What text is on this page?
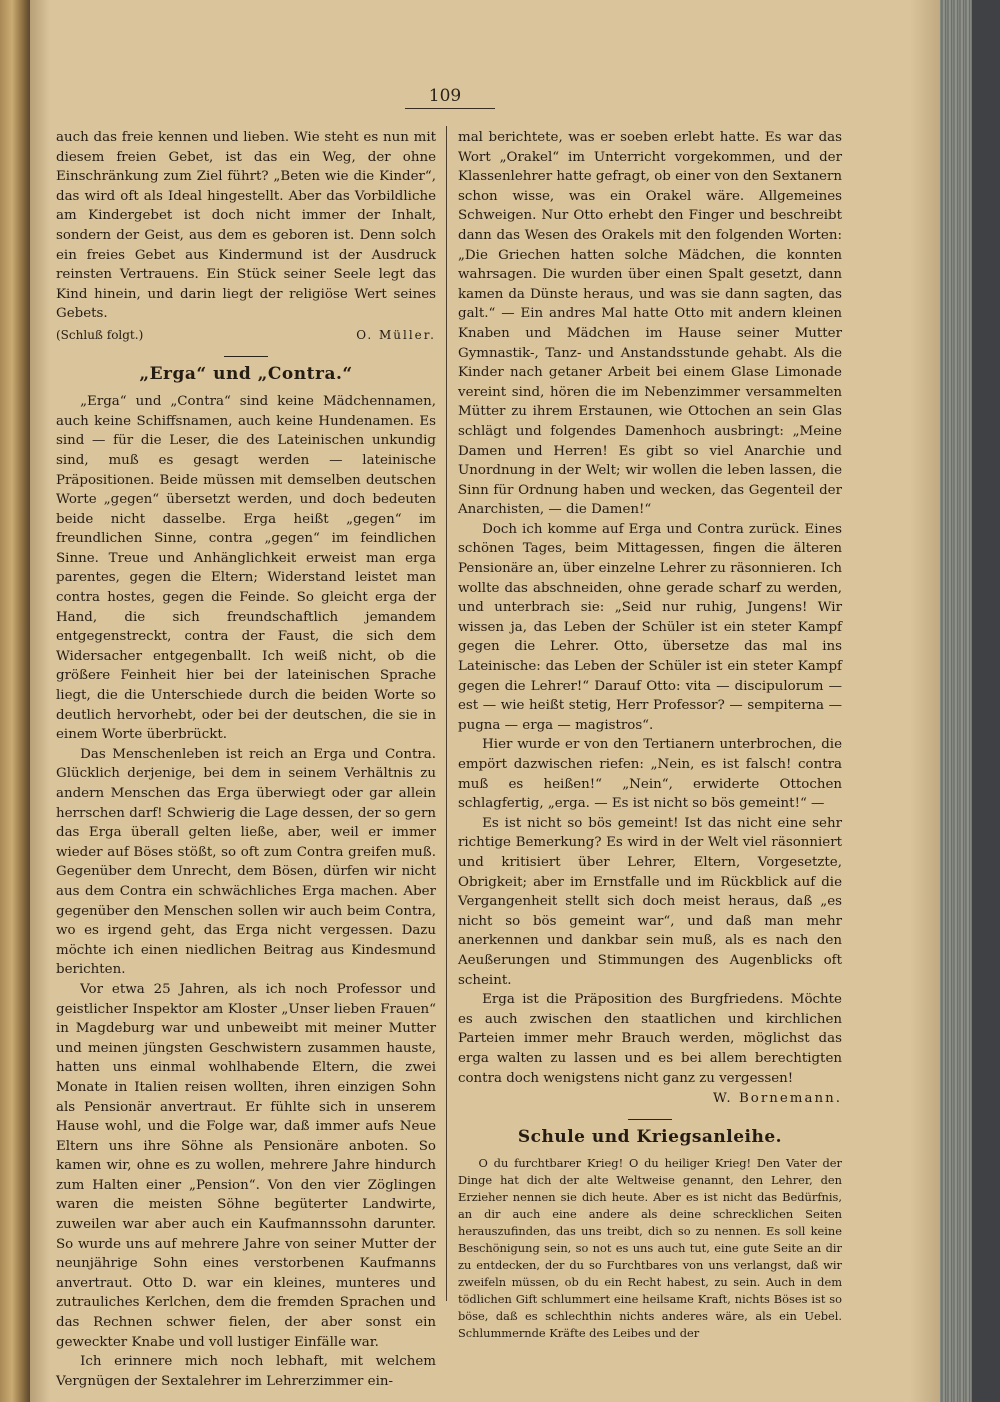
109

auch das freie kennen und lieben. Wie steht es nun mit diesem freien Gebet, ist das ein Weg, der ohne Einschränkung zum Ziel führt? „Beten wie die Kinder“, das wird oft als Ideal hingestellt. Aber das Vorbildliche am Kindergebet ist doch nicht immer der Inhalt, sondern der Geist, aus dem es geboren ist. Denn solch ein freies Gebet aus Kindermund ist der Ausdruck reinsten Vertrauens. Ein Stück seiner Seele legt das Kind hinein, und darin liegt der religiöse Wert seines Gebets.

(Schluß folgt.)	O. Müller.
„Erga“ und „Contra.“

„Erga“ und „Contra“ sind keine Mädchennamen, auch keine Schiffsnamen, auch keine Hundenamen. Es sind — für die Leser, die des Lateinischen unkundig sind, muß es gesagt werden — lateinische Präpositionen. Beide müssen mit demselben deutschen Worte „gegen“ übersetzt werden, und doch bedeuten beide nicht dasselbe. Erga heißt „gegen“ im freundlichen Sinne, contra „gegen“ im feindlichen Sinne. Treue und Anhänglichkeit erweist man erga parentes, gegen die Eltern; Widerstand leistet man contra hostes, gegen die Feinde. So gleicht erga der Hand, die sich freundschaftlich jemandem entgegenstreckt, contra der Faust, die sich dem Widersacher entgegenballt. Ich weiß nicht, ob die größere Feinheit hier bei der lateinischen Sprache liegt, die die Unterschiede durch die beiden Worte so deutlich hervorhebt, oder bei der deutschen, die sie in einem Worte überbrückt.

Das Menschenleben ist reich an Erga und Contra. Glücklich derjenige, bei dem in seinem Verhältnis zu andern Menschen das Erga überwiegt oder gar allein herrschen darf! Schwierig die Lage dessen, der so gern das Erga überall gelten ließe, aber, weil er immer wieder auf Böses stößt, so oft zum Contra greifen muß. Gegenüber dem Unrecht, dem Bösen, dürfen wir nicht aus dem Contra ein schwächliches Erga machen. Aber gegenüber den Menschen sollen wir auch beim Contra, wo es irgend geht, das Erga nicht vergessen. Dazu möchte ich einen niedlichen Beitrag aus Kindesmund berichten.

Vor etwa 25 Jahren, als ich noch Professor und geistlicher Inspektor am Kloster „Unser lieben Frauen“ in Magdeburg war und unbeweibt mit meiner Mutter und meinen jüngsten Geschwistern zusammen hauste, hatten uns einmal wohlhabende Eltern, die zwei Monate in Italien reisen wollten, ihren einzigen Sohn als Pensionär anvertraut. Er fühlte sich in unserem Hause wohl, und die Folge war, daß immer aufs Neue Eltern uns ihre Söhne als Pensionäre anboten. So kamen wir, ohne es zu wollen, mehrere Jahre hindurch zum Halten einer „Pension“. Von den vier Zöglingen waren die meisten Söhne begüterter Landwirte, zuweilen war aber auch ein Kaufmannssohn darunter. So wurde uns auf mehrere Jahre von seiner Mutter der neunjährige Sohn eines verstorbenen Kaufmanns anvertraut. Otto D. war ein kleines, munteres und zutrauliches Kerlchen, dem die fremden Sprachen und das Rechnen schwer fielen, der aber sonst ein geweckter Knabe und voll lustiger Einfälle war.

Ich erinnere mich noch lebhaft, mit welchem Vergnügen der Sextalehrer im Lehrerzimmer ein-

mal berichtete, was er soeben erlebt hatte. Es war das Wort „Orakel“ im Unterricht vorgekommen, und der Klassenlehrer hatte gefragt, ob einer von den Sextanern schon wisse, was ein Orakel wäre. Allgemeines Schweigen. Nur Otto erhebt den Finger und beschreibt dann das Wesen des Orakels mit den folgenden Worten: „Die Griechen hatten solche Mädchen, die konnten wahrsagen. Die wurden über einen Spalt gesetzt, dann kamen da Dünste heraus, und was sie dann sagten, das galt.“ — Ein andres Mal hatte Otto mit andern kleinen Knaben und Mädchen im Hause seiner Mutter Gymnastik-, Tanz- und Anstandsstunde gehabt. Als die Kinder nach getaner Arbeit bei einem Glase Limonade vereint sind, hören die im Nebenzimmer versammelten Mütter zu ihrem Erstaunen, wie Ottochen an sein Glas schlägt und folgendes Damenhoch ausbringt: „Meine Damen und Herren! Es gibt so viel Anarchie und Unordnung in der Welt; wir wollen die leben lassen, die Sinn für Ordnung haben und wecken, das Gegenteil der Anarchisten, — die Damen!“

Doch ich komme auf Erga und Contra zurück. Eines schönen Tages, beim Mittagessen, fingen die älteren Pensionäre an, über einzelne Lehrer zu räsonnieren. Ich wollte das abschneiden, ohne gerade scharf zu werden, und unterbrach sie: „Seid nur ruhig, Jungens! Wir wissen ja, das Leben der Schüler ist ein steter Kampf gegen die Lehrer. Otto, übersetze das mal ins Lateinische: das Leben der Schüler ist ein steter Kampf gegen die Lehrer!“ Darauf Otto: vita — discipulorum — est — wie heißt stetig, Herr Professor? — sempiterna — pugna — erga — magistros“.

Hier wurde er von den Tertianern unterbrochen, die empört dazwischen riefen: „Nein, es ist falsch! contra muß es heißen!“ „Nein“, erwiderte Ottochen schlagfertig, „erga. — Es ist nicht so bös gemeint!“ —

Es ist nicht so bös gemeint! Ist das nicht eine sehr richtige Bemerkung? Es wird in der Welt viel räsonniert und kritisiert über Lehrer, Eltern, Vorgesetzte, Obrigkeit; aber im Ernstfalle und im Rückblick auf die Vergangenheit stellt sich doch meist heraus, daß „es nicht so bös gemeint war“, und daß man mehr anerkennen und dankbar sein muß, als es nach den Aeußerungen und Stimmungen des Augenblicks oft scheint.

Erga ist die Präposition des Burgfriedens. Möchte es auch zwischen den staatlichen und kirchlichen Parteien immer mehr Brauch werden, möglichst das erga walten zu lassen und es bei allem berechtigten contra doch wenigstens nicht ganz zu vergessen!

W. Bornemann.
Schule und Kriegsanleihe.

O du furchtbarer Krieg! O du heiliger Krieg! Den Vater der Dinge hat dich der alte Weltweise genannt, den Lehrer, den Erzieher nennen sie dich heute. Aber es ist nicht das Bedürfnis, an dir auch eine andere als deine schrecklichen Seiten herauszufinden, das uns treibt, dich so zu nennen. Es soll keine Beschönigung sein, so not es uns auch tut, eine gute Seite an dir zu entdecken, der du so Furchtbares von uns verlangst, daß wir zweifeln müssen, ob du ein Recht habest, zu sein. Auch in dem tödlichen Gift schlummert eine heilsame Kraft, nichts Böses ist so böse, daß es schlechthin nichts anderes wäre, als ein Uebel. Schlummernde Kräfte des Leibes und der
